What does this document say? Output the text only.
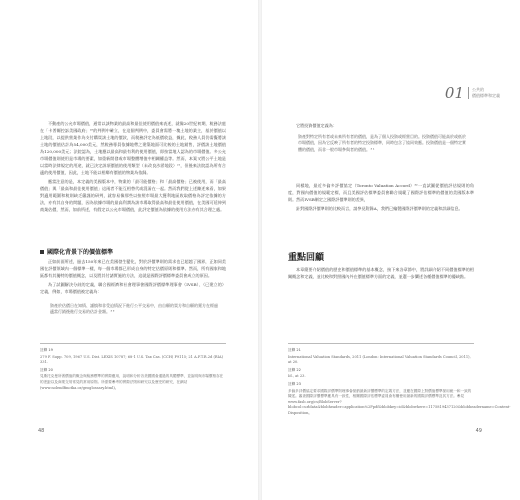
不動產的公允市場價值，通常以該物業的最高和最佳使用價值來表述，就像20世紀初期，稅務法庭在「卡普爾控訴美國政府」²⁹的判例中確立，在這個判例中，委員會需將一塊土地的業主，基於價值以上地段，以提供營業作為支付購買該土地的價款，而稅務評定為低價收益，據此，稅務人員仍需擬將該土地的價值估計為54,000美元，然稅務專員依據地帶之建築地面可比較的土地銷售，評價該土地價值為120,000美元；法院認為，土地應以最高和最有利的使用價值，即按當地人認為的市場價值。多公允市場價值則使用是市場的要素，如重新開發或市場整體增值中相關權益等。然而，本案又將公平土地是以當時法律規定的用途，就已決定該項價值的使用類型（未改良沙淤地段）²¹，但後來法院認為所有合適的使用價值，因此，土地不能以相鄰有價值的物業為依歸。

應當注意的是，本定義的美國版本中，物業的「最可能價格」和「最高價格」已被使用，而「最高價值」與「最高和最佳使用價值」這兩者不能互相替代或混淆在一起。然而我們從上述陳述來看，如果對適用範圍和稅則缺乏嚴謹的研判，就容易像那些以按照市場最大獲利地區收取價格為評定依據的方法，亦有其自身的問題，因為依據市場的最高利潤為該市場取得最高和最佳使用價值，在美國可延伸到商業估價，然而，如前所述，有假定以公允市場價值，此評定價值為依據的使用方法亦有其合理之處。

國際化背景下的價值標準

正如前面所述，過去150年來已在美國發生變化，對於評價準則的需求也已超越了國界，正如同美國在評價領域內一個標準一樣，每一個市場都已形成自身的特定估價原則和標準。然而，所有國家和地區都有其獨特的價值概念，以及將其付諸實施的方法，這就是國際評價標準委員會成立的原因。

為了試圖解決分歧的定義，聯合國經濟和社會理事會國際評價標準理事會（IVSB）、（已建立的）定義，例如，市場價值被定義為：

資產於估價日在知情、謹慎和非受迫情況下進行公平交易中，由自願的買方和自願的賣方在經過適當行銷後進行交易的估計金額。³⁰

註釋 19

279 F. Supp. 709, 1967 U.S. Dist. LEXIS 10787; 68-1 U.S. Tax Cas. (CCH) P9115; 21 A.F.T.R.2d (RIA) 331.

註釋 20

見斯托克曼所著價值的概念與稅務標準的實際應用，說明和分析各美國國會通過的具體標準，並說明與市場價格存在的差距以及商業交易常見的常用原則。所需要參考的實際法則和研究以及歷史的研究，在網站 (www.nolendfinotka.or/geoglossary.html)。

48
01	公共的
價值標準和定義

它將投資價值定義為：

資產對特定所有者或未來所有者的價值，是為了個人投資或經營目的。投資價值可能高於或低於市場價值，因為它反映了所有者的特定投資標準，同時包含了協同效應。投資價值是一個特定實體的價值，而非一般市場參與者的價值。³¹

同樣地，最近多倫多評價協定（Toronto Valuation Accord）³²一直試圖從價值評估規則的角度，對國內價值的規範定標，而且美國評估標準委員會聯合規範了國際評估標準的價值的美國版本準則。然而IVSB制定之國際評價準則的差異，

針對國際評價準則的比較而言，請參見附錄A，我們已編製國際評價準則的定義和詳細信息。

重點回顧

本章簡要介紹價值的歷史和價值標準的基本概念，接下來各章節中，將詳細介紹不同價值標準的相關概念和定義，並比較和對照國內外在價值標準方面的定義，並選一步闡述各種價值標準的優缺點。

註釋 21

International Valuation Standards, 2011 (London: International Valuation Standards Council, 2011), at 20.

註釋 22

Id., at 23.

註釋 23

多倫多評價協定要求國際評價準則理事會採納最新評價標準的定義方法，並應在國際上對價值標準採用統一和一致的陳述。審查國際評價標準應具有一致性，相關國際評估標準委員會有權使用最新的國際評價標準及其方法。參見 www.fasb.org/cs/BlobServer?blobcol=urldata&blobheader=application%2Fpdf&blobkey=id&blobwhere=1175819437120&blobheadername=Content-Disposition。

49
